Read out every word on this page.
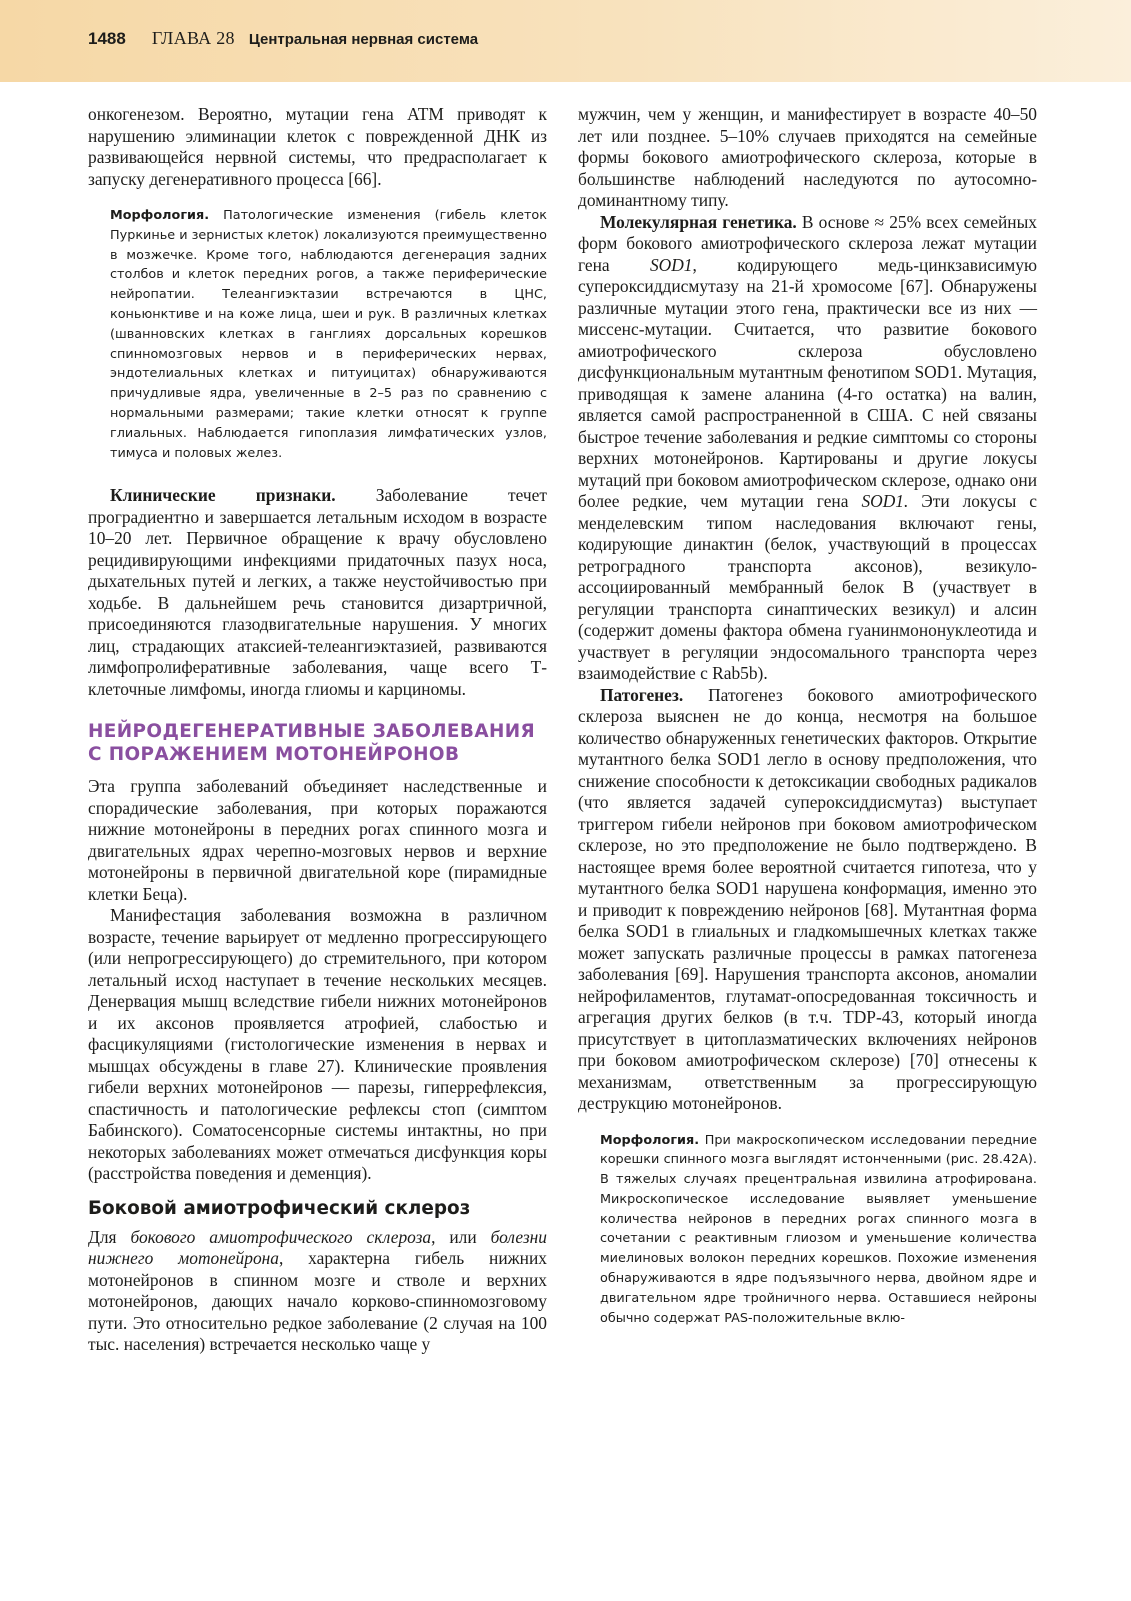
1488 ГЛАВА 28 Центральная нервная система

онкогенезом. Вероятно, мутации гена ATM приводят к нарушению элиминации клеток с поврежденной ДНК из развивающейся нервной системы, что предрасполагает к запуску дегенеративного процесса [66].

Морфология. Патологические изменения (гибель клеток Пуркинье и зернистых клеток) локализуются преимущественно в мозжечке. Кроме того, наблюдаются дегенерация задних столбов и клеток передних рогов, а также периферические нейропатии. Телеангиэктазии встречаются в ЦНС, коньюнктиве и на коже лица, шеи и рук. В различных клетках (шванновских клетках в ганглиях дорсальных корешков спинномозговых нервов и в периферических нервах, эндотелиальных клетках и питуицитах) обнаруживаются причудливые ядра, увеличенные в 2–5 раз по сравнению с нормальными размерами; такие клетки относят к группе глиальных. Наблюдается гипоплазия лимфатических узлов, тимуса и половых желез.

Клинические признаки. Заболевание течет проградиентно и завершается летальным исходом в возрасте 10–20 лет. Первичное обращение к врачу обусловлено рецидивирующими инфекциями придаточных пазух носа, дыхательных путей и легких, а также неустойчивостью при ходьбе. В дальнейшем речь становится дизартричной, присоединяются глазодвигательные нарушения. У многих лиц, страдающих атаксией-телеангиэктазией, развиваются лимфопролиферативные заболевания, чаще всего Т-клеточные лимфомы, иногда глиомы и карциномы.

НЕЙРОДЕГЕНЕРАТИВНЫЕ ЗАБОЛЕВАНИЯ
С ПОРАЖЕНИЕМ МОТОНЕЙРОНОВ

Эта группа заболеваний объединяет наследственные и спорадические заболевания, при которых поражаются нижние мотонейроны в передних рогах спинного мозга и двигательных ядрах черепно-мозговых нервов и верхние мотонейроны в первичной двигательной коре (пирамидные клетки Беца).

Манифестация заболевания возможна в различном возрасте, течение варьирует от медленно прогрессирующего (или непрогрессирующего) до стремительного, при котором летальный исход наступает в течение нескольких месяцев. Денервация мышц вследствие гибели нижних мотонейронов и их аксонов проявляется атрофией, слабостью и фасцикуляциями (гистологические изменения в нервах и мышцах обсуждены в главе 27). Клинические проявления гибели верхних мотонейронов — парезы, гиперрефлексия, спастичность и патологические рефлексы стоп (симптом Бабинского). Соматосенсорные системы интактны, но при некоторых заболеваниях может отмечаться дисфункция коры (расстройства поведения и деменция).

Боковой амиотрофический склероз

Для бокового амиотрофического склероза, или болезни нижнего мотонейрона, характерна гибель нижних мотонейронов в спинном мозге и стволе и верхних мотонейронов, дающих начало корково-спинномозговому пути. Это относительно редкое заболевание (2 случая на 100 тыс. населения) встречается несколько чаще у

мужчин, чем у женщин, и манифестирует в возрасте 40–50 лет или позднее. 5–10% случаев приходятся на семейные формы бокового амиотрофического склероза, которые в большинстве наблюдений наследуются по аутосомно-доминантному типу.

Молекулярная генетика. В основе ≈ 25% всех семейных форм бокового амиотрофического склероза лежат мутации гена SOD1, кодирующего медь-цинкзависимую супероксиддисмутазу на 21-й хромосоме [67]. Обнаружены различные мутации этого гена, практически все из них — миссенс-мутации. Считается, что развитие бокового амиотрофического склероза обусловлено дисфункциональным мутантным фенотипом SOD1. Мутация, приводящая к замене аланина (4-го остатка) на валин, является самой распространенной в США. С ней связаны быстрое течение заболевания и редкие симптомы со стороны верхних мотонейронов. Картированы и другие локусы мутаций при боковом амиотрофическом склерозе, однако они более редкие, чем мутации гена SOD1. Эти локусы с менделевским типом наследования включают гены, кодирующие динактин (белок, участвующий в процессах ретроградного транспорта аксонов), везикуло-ассоциированный мембранный белок В (участвует в регуляции транспорта синаптических везикул) и алсин (содержит домены фактора обмена гуанинмононуклеотида и участвует в регуляции эндосомального транспорта через взаимодействие с Rab5b).

Патогенез. Патогенез бокового амиотрофического склероза выяснен не до конца, несмотря на большое количество обнаруженных генетических факторов. Открытие мутантного белка SOD1 легло в основу предположения, что снижение способности к детоксикации свободных радикалов (что является задачей супероксиддисмутаз) выступает триггером гибели нейронов при боковом амиотрофическом склерозе, но это предположение не было подтверждено. В настоящее время более вероятной считается гипотеза, что у мутантного белка SOD1 нарушена конформация, именно это и приводит к повреждению нейронов [68]. Мутантная форма белка SOD1 в глиальных и гладкомышечных клетках также может запускать различные процессы в рамках патогенеза заболевания [69]. Нарушения транспорта аксонов, аномалии нейрофиламентов, глутамат-опосредованная токсичность и агрегация других белков (в т.ч. TDP-43, который иногда присутствует в цитоплазматических включениях нейронов при боковом амиотрофическом склерозе) [70] отнесены к механизмам, ответственным за прогрессирующую деструкцию мотонейронов.

Морфология. При макроскопическом исследовании передние корешки спинного мозга выглядят истонченными (рис. 28.42А). В тяжелых случаях прецентральная извилина атрофирована. Микроскопическое исследование выявляет уменьшение количества нейронов в передних рогах спинного мозга в сочетании с реактивным глиозом и уменьшение количества миелиновых волокон передних корешков. Похожие изменения обнаруживаются в ядре подъязычного нерва, двойном ядре и двигательном ядре тройничного нерва. Оставшиеся нейроны обычно содержат PAS-положительные вклю-
